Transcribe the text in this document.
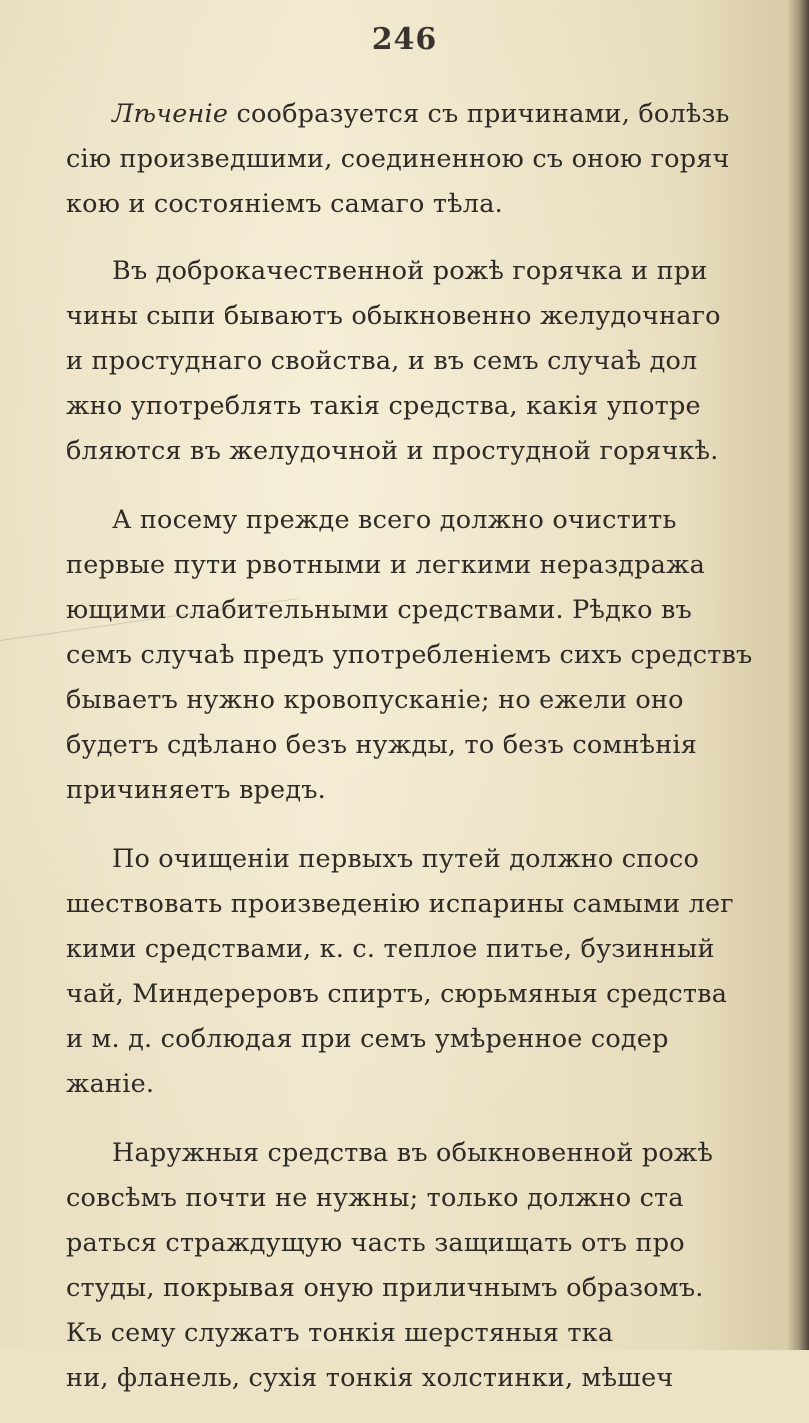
246
Лѣченіе сообразуется съ причинами, болѣзь
сію произведшими, соединенною съ оною горяч
кою и состояніемъ самаго тѣла.
Въ доброкачественной рожѣ горячка и при
чины сыпи бываютъ обыкновенно желудочнаго
и простуднаго свойства, и въ семъ случаѣ дол
жно употреблять такія средства, какія употре
бляются въ желудочной и простудной горячкѣ.
А посему прежде всего должно очистить
первые пути рвотными и легкими нераздража
ющими слабительными средствами. Рѣдко въ
семъ случаѣ предъ употребленіемъ сихъ средствъ
бываетъ нужно кровопусканіе; но ежели оно
будетъ сдѣлано безъ нужды, то безъ сомнѣнія
причиняетъ вредъ.
По очищеніи первыхъ путей должно спосо
шествовать произведенію испарины самыми лег
кими средствами, к. с. теплое питье, бузинный
чай, Миндереровъ спиртъ, сюрьмяныя средства
и м. д. соблюдая при семъ умѣренное содер
жаніе.
Наружныя средства въ обыкновенной рожѣ
совсѣмъ почти не нужны; только должно ста
раться страждущую часть защищать отъ про
студы, покрывая оную приличнымъ образомъ.
Къ сему служатъ тонкія шерстяныя тка
ни, фланель, сухія тонкія холстинки, мѣшеч
